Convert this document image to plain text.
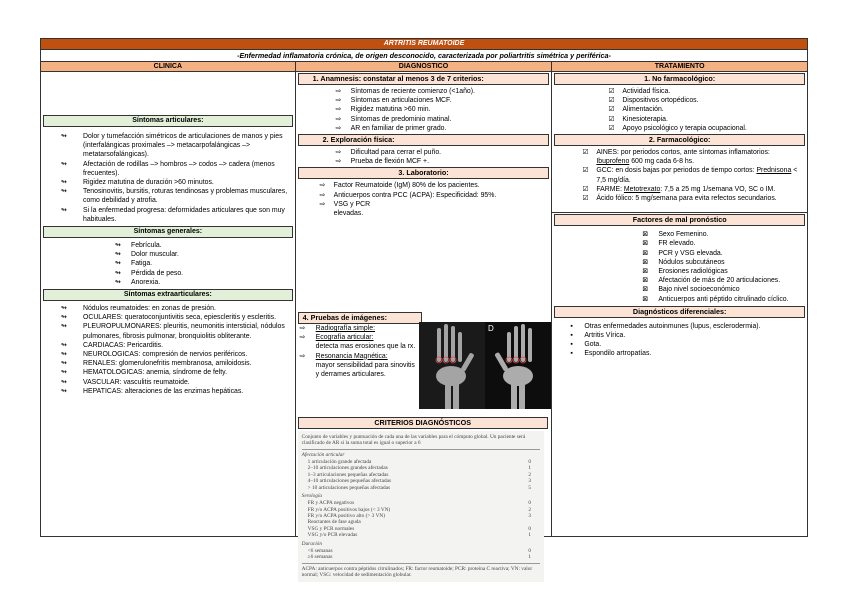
ARTRITIS REUMATOIDE
-Enfermedad inflamatoria crónica, de origen desconocido, caracterizada por poliartritis simétrica y periférica-
CLINICA
Síntomas articulares:
↬ Dolor y tumefacción simétricos de articulaciones de manos y pies (interfalángicas proximales –> metacarpofalángicas –> metatarsofalángicas).
↬ Afectación de rodillas –> hombros –> codos –> cadera (menos frecuentes).
↬ Rigidez matutina de duración >60 minutos.
↬ Tenosinovitis, bursitis, roturas tendinosas y problemas musculares, como debilidad y atrofia.
↬ Si la enfermedad progresa: deformidades articulares que son muy habituales.
Síntomas generales:
↬ Febrícula.
↬ Dolor muscular.
↬ Fatiga.
↬ Pérdida de peso.
↬ Anorexia.
Síntomas extraarticulares:
↬ Nódulos reumatoides: en zonas de presión.
↬ OCULARES: queratoconjuntivitis seca, epiescleritis y escleritis.
↬ PLEUROPULMONARES: pleuritis, neumonitis intersticial, nódulos pulmonares, fibrosis pulmonar, bronquiolitis obliterante.
↬ CARDIACAS: Pericarditis.
↬ NEUROLOGICAS: compresión de nervios periféricos.
↬ RENALES: glomerulonefritis membranosa, amiloidosis.
↬ HEMATOLOGICAS: anemia, síndrome de felty.
↬ VASCULAR: vasculitis reumatoide.
↬ HEPATICAS: alteraciones de las enzimas hepáticas.
DIAGNOSTICO
1. Anamnesis: constatar al menos 3 de 7 criterios:
⇨ Síntomas de reciente comienzo (<1año).
⇨ Síntomas en articulaciones MCF.
⇨ Rigidez matutina >60 min.
⇨ Síntomas de predominio matinal.
⇨ AR en familiar de primer grado.
2. Exploración física:
⇨ Dificultad para cerrar el puño.
⇨ Prueba de flexión MCF +.
3. Laboratorio:
⇨ Factor Reumatoide (IgM) 80% de los pacientes.
⇨ Anticuerpos contra PCC (ACPA): Especificidad: 95%.
⇨ VSG y PCR elevadas.
4. Pruebas de imágenes:
⇨ Radiografía simple:
⇨ Ecografía articular:
detecta mas erosiones que la rx.
⇨ Resonancia Magnética:
mayor sensibilidad para sinovitis y derrames articulares.
D
CRITERIOS DIAGNÓSTICOS
Conjunto de variables y puntuación de cada una de las variables para el cómputo global. Un paciente será clasificado de AR si la suma total es igual o superior a 6
Afectación articular
1 articulación grande afectada	0
2–10 articulaciones grandes afectadas	1
1–3 articulaciones pequeñas afectadas	2
4–10 articulaciones pequeñas afectadas	3
> 10 articulaciones pequeñas afectadas	5
Serología
FR y ACPA negativos	0
FR y/o ACPA positivos bajos (< 3 VN)	2
FR y/o ACPA positivo alto (> 3 VN)	3
Reactantes de fase aguda
VSG y PCR normales	0
VSG y/o PCR elevadas	1
Duración
<6 semanas	0
≥6 semanas	1
ACPA: anticuerpos contra péptidos citrulinados; FR: factor reumatoide; PCR: proteína C reactiva; VN: valor normal; VSG: velocidad de sedimentación globular.
TRATAMIENTO
1. No farmacológico:
☑ Actividad física.
☑ Dispositivos ortopédicos.
☑ Alimentación.
☑ Kinesioterapia.
☑ Apoyo psicológico y terapia ocupacional.
2. Farmacológico:
☑ AINES: por periodos cortos, ante síntomas inflamatorios: Ibuprofeno 600 mg cada 6-8 hs.
☑ GCC: en dosis bajas por periodos de tiempo cortos: Prednisona < 7,5 mg/día.
☑ FARME: Metotrexato: 7,5 a 25 mg 1/semana VO, SC o IM.
☑ Ácido fólico: 5 mg/semana para evita refectos secundarios.
Factores de mal pronóstico
⊠ Sexo Femenino.
⊠ FR elevado.
⊠ PCR y VSG elevada.
⊠ Nódulos subcutáneos
⊠ Erosiones radiológicas
⊠ Afectación de más de 20 articulaciones.
⊠ Bajo nivel socioeconómico
⊠ Anticuerpos anti péptido citrulinado cíclico.
Diagnósticos diferenciales:
▪ Otras enfermedades autoinmunes (lupus, esclerodermia).
▪ Artritis Vírica.
▪ Gota.
▪ Espondilo artropatías.
